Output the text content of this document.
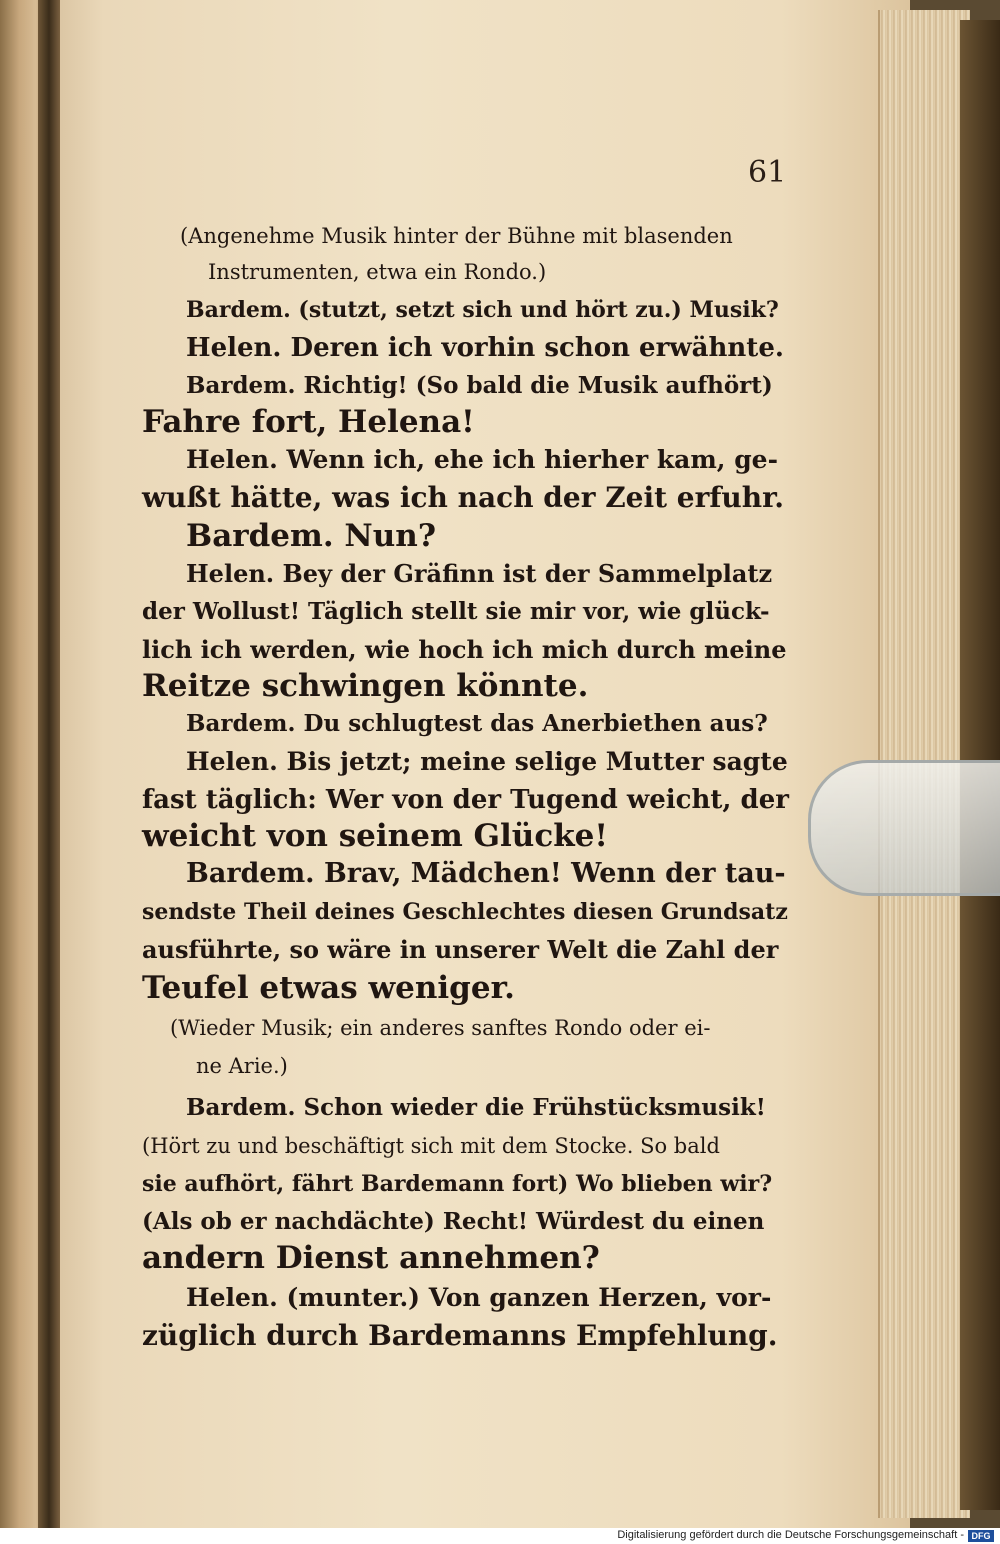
61
(Angenehme Musik hinter der Bühne mit blasenden
Instrumenten, etwa ein Rondo.)
Bardem. (stutzt, setzt sich und hört zu.) Musik?
Helen. Deren ich vorhin schon erwähnte.
Bardem. Richtig! (So bald die Musik aufhört)
Fahre fort, Helena!
Helen. Wenn ich, ehe ich hierher kam, ge-
wußt hätte, was ich nach der Zeit erfuhr.
Bardem. Nun?
Helen. Bey der Gräfinn ist der Sammelplatz
der Wollust! Täglich stellt sie mir vor, wie glück-
lich ich werden, wie hoch ich mich durch meine
Reitze schwingen könnte.
Bardem. Du schlugtest das Anerbiethen aus?
Helen. Bis jetzt; meine selige Mutter sagte
fast täglich: Wer von der Tugend weicht, der
weicht von seinem Glücke!
Bardem. Brav, Mädchen! Wenn der tau-
sendste Theil deines Geschlechtes diesen Grundsatz
ausführte, so wäre in unserer Welt die Zahl der
Teufel etwas weniger.
(Wieder Musik; ein anderes sanftes Rondo oder ei-
ne Arie.)
Bardem. Schon wieder die Frühstücksmusik!
(Hört zu und beschäftigt sich mit dem Stocke. So bald
sie aufhört, fährt Bardemann fort) Wo blieben wir?
(Als ob er nachdächte) Recht! Würdest du einen
andern Dienst annehmen?
Helen. (munter.) Von ganzen Herzen, vor-
züglich durch Bardemanns Empfehlung.
Digitalisierung gefördert durch die Deutsche Forschungsgemeinschaft - DFG
